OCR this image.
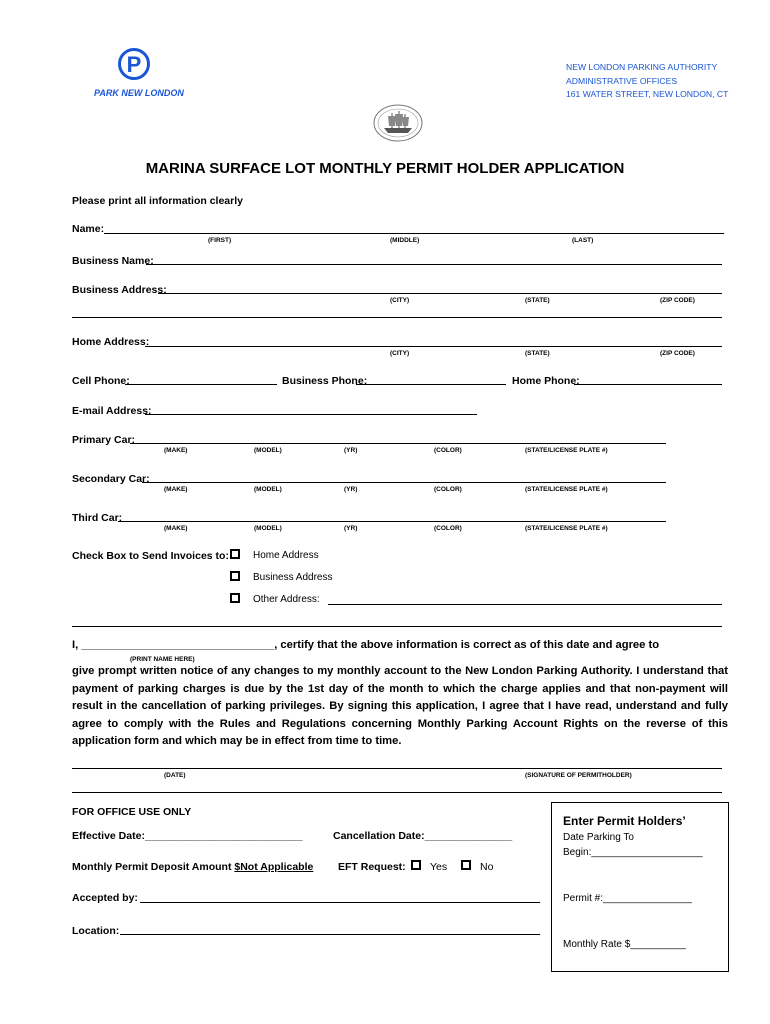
P
PARK NEW LONDON
NEW LONDON PARKING AUTHORITY
ADMINISTRATIVE OFFICES
161 WATER STREET, NEW LONDON, CT
MARINA SURFACE LOT MONTHLY PERMIT HOLDER APPLICATION
Please print all information clearly
Name:
(FIRST)	(MIDDLE)	(LAST)
Business Name:
Business Address:
(CITY)	(STATE)	(ZIP CODE)
Home Address:
(CITY)	(STATE)	(ZIP CODE)
Cell Phone:	Business Phone:	Home Phone:
E-mail Address:
Primary Car:
(MAKE)	(MODEL)	(YR)	(COLOR)	(STATE/LICENSE PLATE #)
Secondary Car:
(MAKE)	(MODEL)	(YR)	(COLOR)	(STATE/LICENSE PLATE #)
Third Car:
(MAKE)	(MODEL)	(YR)	(COLOR)	(STATE/LICENSE PLATE #)
Check Box to Send Invoices to: Home Address
Business Address
Other Address:
I, _______________________________, certify that the above information is correct as of this date and agree to
(PRINT NAME HERE)
give prompt written notice of any changes to my monthly account to the New London Parking Authority. I understand that payment of parking charges is due by the 1st day of the month to which the charge applies and that non-payment will result in the cancellation of parking privileges. By signing this application, I agree that I have read, understand and fully agree to comply with the Rules and Regulations concerning Monthly Parking Account Rights on the reverse of this application form and which may be in effect from time to time.
(DATE)	(SIGNATURE OF PERMITHOLDER)
FOR OFFICE USE ONLY
Effective Date:___________________________	Cancellation Date:_______________
Monthly Permit Deposit Amount $Not Applicable EFT Request: Yes	No
Accepted by:
Location:
Enter Permit Holders’
Date Parking To
Begin:____________________
Permit #:________________
Monthly Rate $__________
